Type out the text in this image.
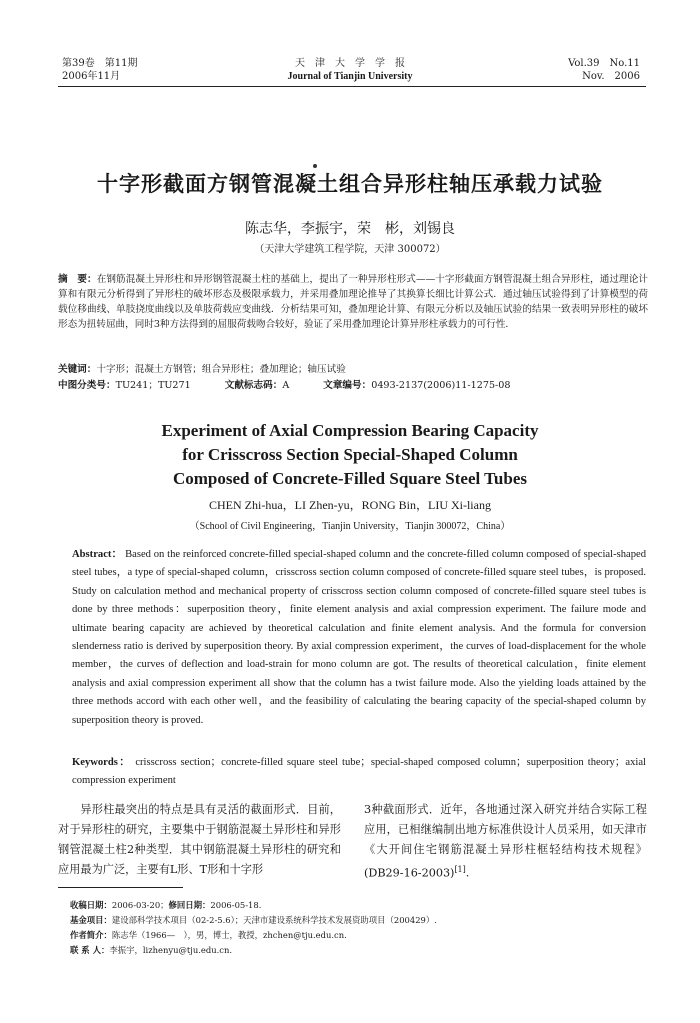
第39卷　第11期
2006年11月
天　津　大　学　学　报
Journal of Tianjin University
Vol.39　No.11
Nov.　2006
十字形截面方钢管混凝土组合异形柱轴压承载力试验
陈志华，李振宇，荣　彬，刘锡良
（天津大学建筑工程学院，天津 300072）
摘　要：在钢筋混凝土异形柱和异形钢管混凝土柱的基础上，提出了一种异形柱形式——十字形截面方钢管混凝土组合异形柱，通过理论计算和有限元分析得到了异形柱的破坏形态及极限承载力，并采用叠加理论推导了其换算长细比计算公式．通过轴压试验得到了计算模型的荷载位移曲线、单肢挠度曲线以及单肢荷载应变曲线．分析结果可知，叠加理论计算、有限元分析以及轴压试验的结果一致表明异形柱的破坏形态为扭转屈曲，同时3种方法得到的屈服荷载吻合较好，验证了采用叠加理论计算异形柱承载力的可行性．
关键词：十字形；混凝土方钢管；组合异形柱；叠加理论；轴压试验
中图分类号：TU241；TU271	文献标志码：A	文章编号：0493-2137(2006)11-1275-08
Experiment of Axial Compression Bearing Capacity
for Crisscross Section Special-Shaped Column
Composed of Concrete-Filled Square Steel Tubes
CHEN Zhi-hua，LI Zhen-yu，RONG Bin，LIU Xi-liang
（School of Civil Engineering，Tianjin University，Tianjin 300072，China）
Abstract： Based on the reinforced concrete-filled special-shaped column and the concrete-filled column composed of special-shaped steel tubes，a type of special-shaped column，crisscross section column composed of concrete-filled square steel tubes，is proposed. Study on calculation method and mechanical property of crisscross section column composed of concrete-filled square steel tubes is done by three methods：superposition theory，finite element analysis and axial compression experiment. The failure mode and ultimate bearing capacity are achieved by theoretical calculation and finite element analysis. And the formula for conversion slenderness ratio is derived by superposition theory. By axial compression experiment，the curves of load-displacement for the whole member，the curves of deflection and load-strain for mono column are got. The results of theoretical calculation，finite element analysis and axial compression experiment all show that the column has a twist failure mode. Also the yielding loads attained by the three methods accord with each other well，and the feasibility of calculating the bearing capacity of the special-shaped column by superposition theory is proved.
Keywords： crisscross section；concrete-filled square steel tube；special-shaped composed column；superposition theory；axial compression experiment
异形柱最突出的特点是具有灵活的截面形式．目前，对于异形柱的研究，主要集中于钢筋混凝土异形柱和异形钢管混凝土柱2种类型．其中钢筋混凝土异形柱的研究和应用最为广泛，主要有L形、T形和十字形
3种截面形式．近年，各地通过深入研究并结合实际工程应用，已相继编制出地方标准供设计人员采用，如天津市《大开间住宅钢筋混凝土异形柱框轻结构技术规程》(DB29-16-2003)[1].
收稿日期：2006-03-20；修回日期：2006-05-18.
基金项目：建设部科学技术项目（02-2-5.6）；天津市建设系统科学技术发展资助项目（200429）.
作者简介：陈志华（1966—　），男，博士，教授，zhchen@tju.edu.cn.
联 系 人：李振宇，lizhenyu@tju.edu.cn.
